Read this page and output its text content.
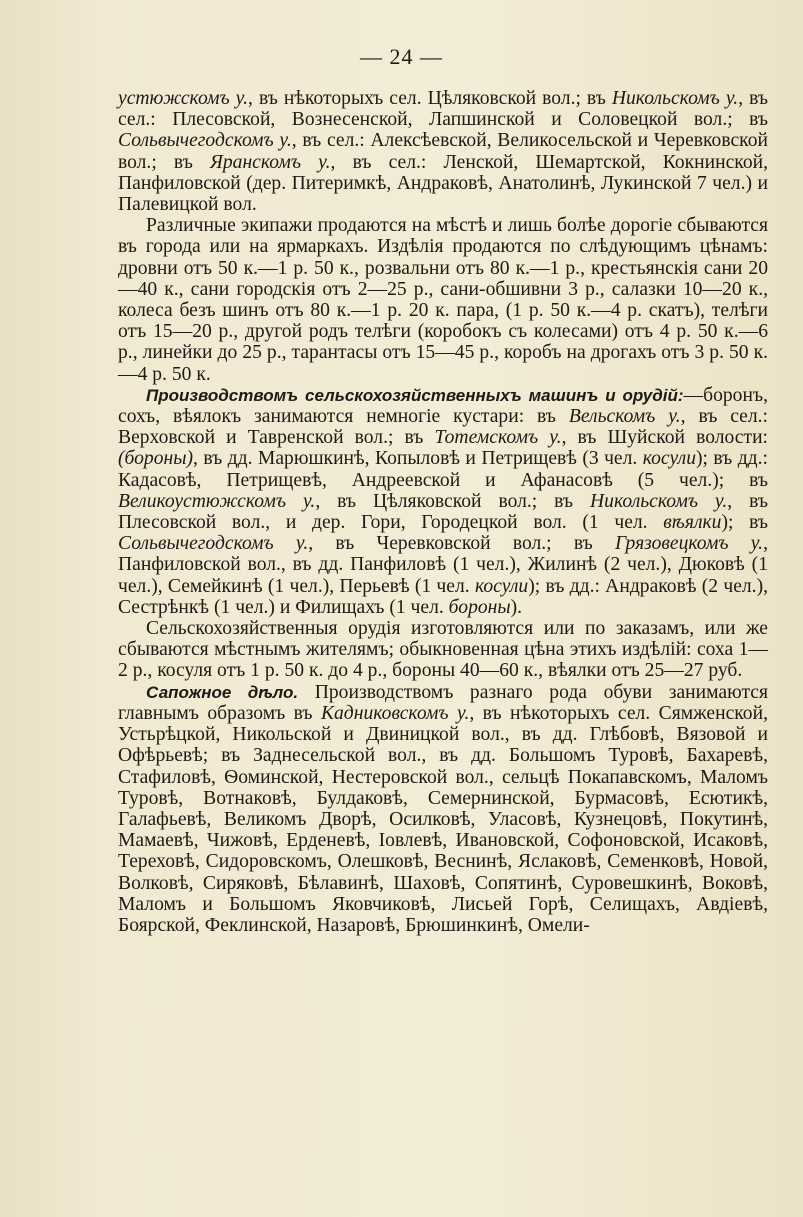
— 24 —

устюжскомъ у., въ нѣкоторыхъ сел. Цѣляковской вол.; въ Никольскомъ у., въ сел.: Плесовской, Вознесенской, Лапшинской и Соловецкой вол.; въ Сольвычегодскомъ у., въ сел.: Алексѣевской, Великосельской и Черевковской вол.; въ Яранскомъ у., въ сел.: Ленской, Шемартской, Кокнинской, Панфиловской (дер. Питеримкѣ, Андраковѣ, Анатолинѣ, Лукинской 7 чел.) и Палевицкой вол.

Различные экипажи продаются на мѣстѣ и лишь болѣе дорогіе сбываются въ города или на ярмаркахъ. Издѣлія продаются по слѣдующимъ цѣнамъ: дровни отъ 50 к.—1 р. 50 к., розвальни отъ 80 к.—1 р., крестьянскія сани 20—40 к., сани городскія отъ 2—25 р., сани-обшивни 3 р., салазки 10—20 к., колеса безъ шинъ отъ 80 к.—1 р. 20 к. пара, (1 р. 50 к.—4 р. скатъ), телѣги отъ 15—20 р., другой родъ телѣги (коробокъ съ колесами) отъ 4 р. 50 к.—6 р., линейки до 25 р., тарантасы отъ 15—45 р., коробъ на дрогахъ отъ 3 р. 50 к.—4 р. 50 к.

Производствомъ сельскохозяйственныхъ машинъ и орудій:—боронъ, сохъ, вѣялокъ занимаются немногіе кустари: въ Вельскомъ у., въ сел.: Верховской и Тавренской вол.; въ Тотемскомъ у., въ Шуйской волости: (бороны), въ дд. Марюшкинѣ, Копыловѣ и Петрищевѣ (3 чел. косули); въ дд.: Кадасовѣ, Петрищевѣ, Андреевской и Афанасовѣ (5 чел.); въ Великоустюжскомъ у., въ Цѣляковской вол.; въ Никольскомъ у., въ Плесовской вол., и дер. Гори, Городецкой вол. (1 чел. вѣялки); въ Сольвычегодскомъ у., въ Черевковской вол.; въ Грязовецкомъ у., Панфиловской вол., въ дд. Панфиловѣ (1 чел.), Жилинѣ (2 чел.), Дюковѣ (1 чел.), Семейкинѣ (1 чел.), Перьевѣ (1 чел. косули); въ дд.: Андраковѣ (2 чел.), Сестрѣнкѣ (1 чел.) и Филищахъ (1 чел. бороны).

Сельскохозяйственныя орудія изготовляются или по заказамъ, или же сбываются мѣстнымъ жителямъ; обыкновенная цѣна этихъ издѣлій: соха 1—2 р., косуля отъ 1 р. 50 к. до 4 р., бороны 40—60 к., вѣялки отъ 25—27 руб.

Сапожное дѣло. Производствомъ разнаго рода обуви занимаются главнымъ образомъ въ Кадниковскомъ у., въ нѣкоторыхъ сел. Сямженской, Устьрѣцкой, Никольской и Двиницкой вол., въ дд. Глѣбовѣ, Вязовой и Офѣрьевѣ; въ Заднесельской вол., въ дд. Большомъ Туровѣ, Бахаревѣ, Стафиловѣ, Ѳоминской, Нестеровской вол., сельцѣ Покапавскомъ, Маломъ Туровѣ, Вотнаковѣ, Булдаковѣ, Семернинской, Бурмасовѣ, Есютикѣ, Галафьевѣ, Великомъ Дворѣ, Осилковѣ, Уласовѣ, Кузнецовѣ, Покутинѣ, Мамаевѣ, Чижовѣ, Ерденевѣ, Іовлевѣ, Ивановской, Софоновской, Исаковѣ, Тереховѣ, Сидоровскомъ, Олешковѣ, Веснинѣ, Яслаковѣ, Семенковѣ, Новой, Волковѣ, Сиряковѣ, Бѣлавинѣ, Шаховѣ, Сопятинѣ, Суровешкинѣ, Воковѣ, Маломъ и Большомъ Яковчиковѣ, Лисьей Горѣ, Селищахъ, Авдіевѣ, Боярской, Феклинской, Назаровѣ, Брюшинкинѣ, Омели-
